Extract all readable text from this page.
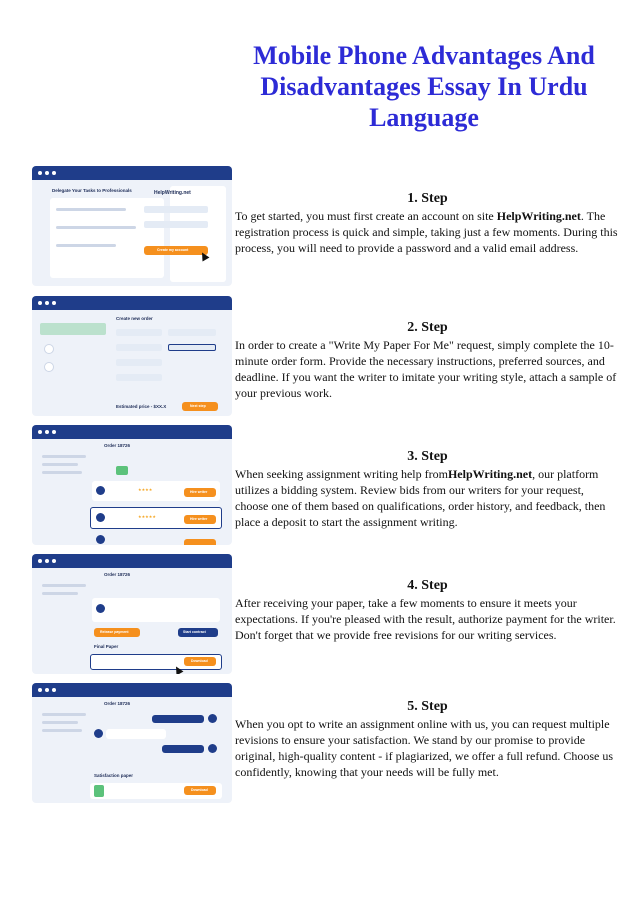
Mobile Phone Advantages And Disadvantages Essay In Urdu Language
Delegate Your Tasks to Professionals	HelpWriting.net
Create my account
Create new order
Estimated price - $XX.X	Next step
Order 18726
★★★★	Hire writer
★★★★★	Hire writer
Order 18726
Release payment	Start contract
Final Paper
Download
Order 18726
Satisfaction paper
Download
1. Step

To get started, you must first create an account on site HelpWriting.net. The registration process is quick and simple, taking just a few moments. During this process, you will need to provide a password and a valid email address.

2. Step

In order to create a "Write My Paper For Me" request, simply complete the 10-minute order form. Provide the necessary instructions, preferred sources, and deadline. If you want the writer to imitate your writing style, attach a sample of your previous work.

3. Step

When seeking assignment writing help fromHelpWriting.net, our platform utilizes a bidding system. Review bids from our writers for your request, choose one of them based on qualifications, order history, and feedback, then place a deposit to start the assignment writing.

4. Step

After receiving your paper, take a few moments to ensure it meets your expectations. If you're pleased with the result, authorize payment for the writer. Don't forget that we provide free revisions for our writing services.

5. Step

When you opt to write an assignment online with us, you can request multiple revisions to ensure your satisfaction. We stand by our promise to provide original, high-quality content - if plagiarized, we offer a full refund. Choose us confidently, knowing that your needs will be fully met.
